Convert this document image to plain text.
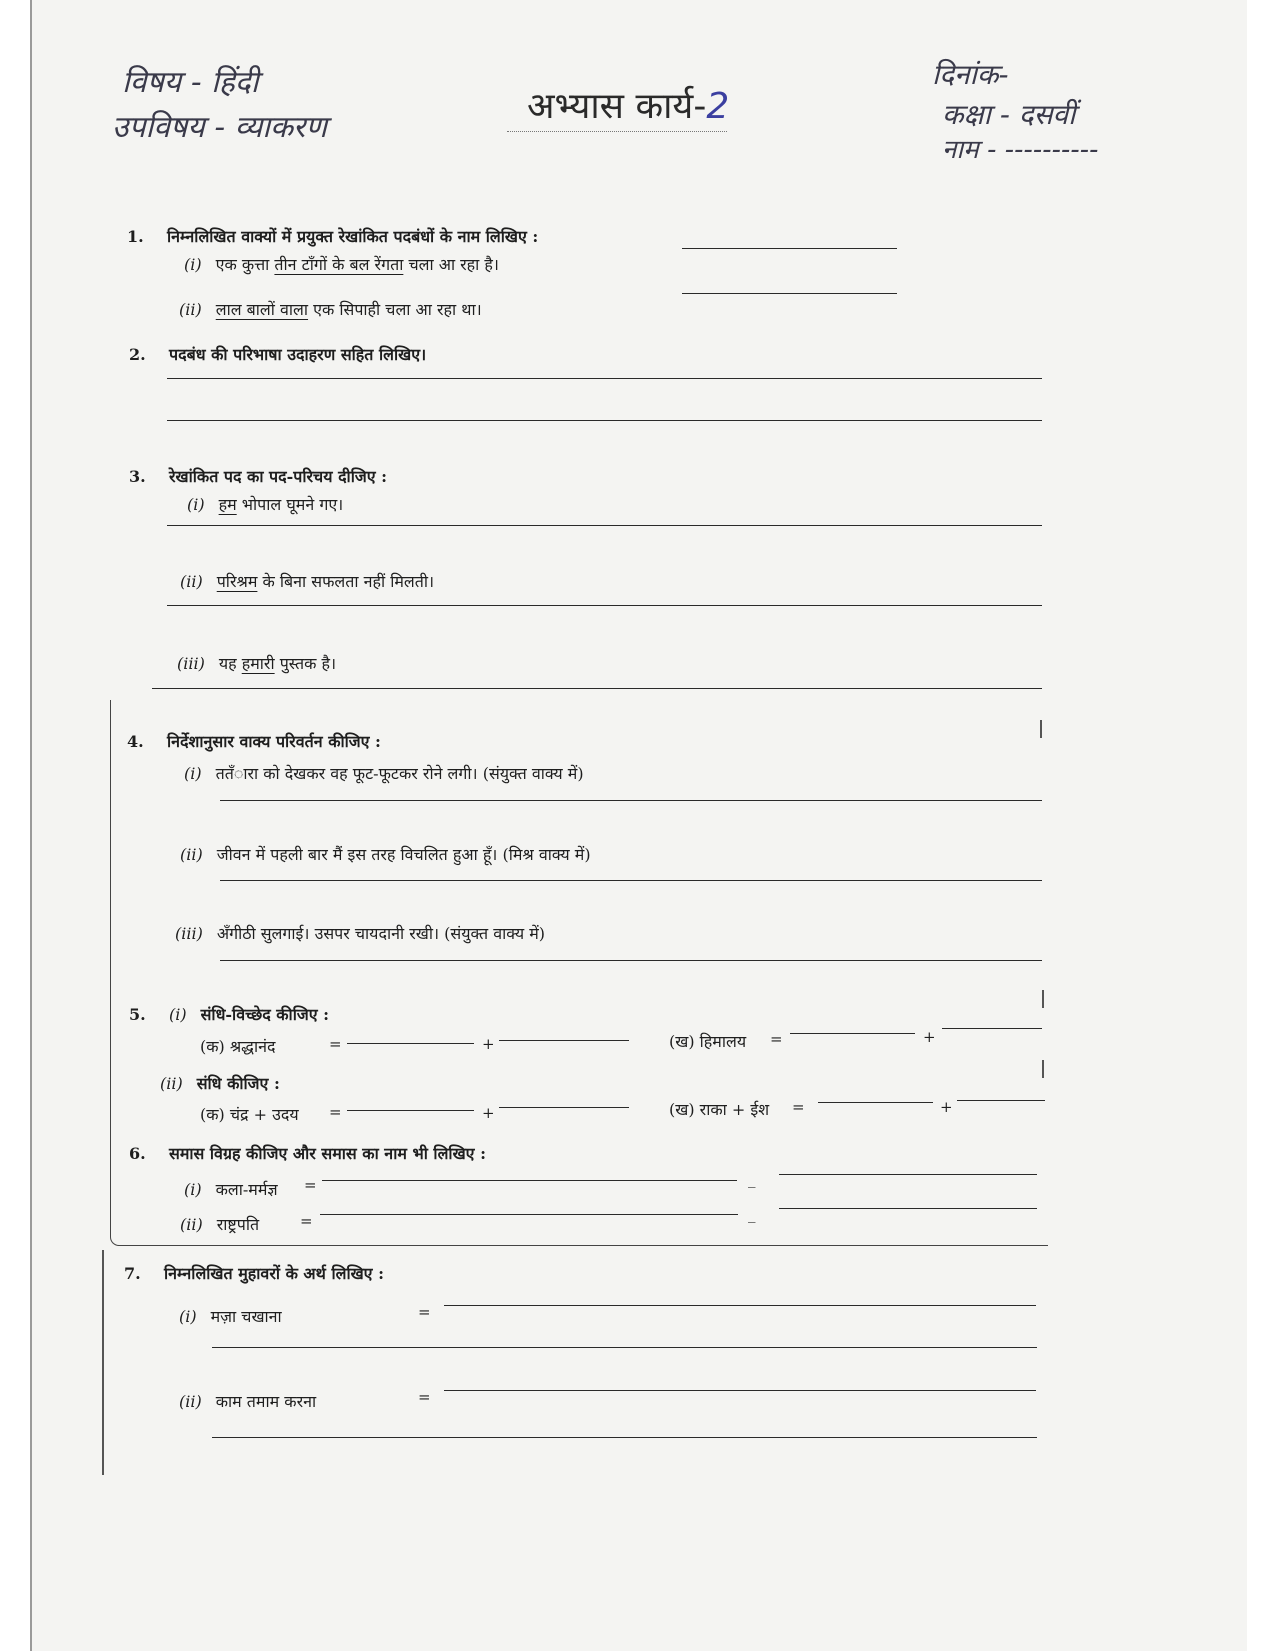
विषय - हिंदी
उपविषय - व्याकरण
अभ्यास कार्य-2
दिनांक-
कक्षा - दसवीं
नाम - ----------
1. निम्नलिखित वाक्यों में प्रयुक्त रेखांकित पदबंधों के नाम लिखिए :
(i) एक कुत्ता तीन टाँगों के बल रेंगता चला आ रहा है।
(ii) लाल बालों वाला एक सिपाही चला आ रहा था।
2. पदबंध की परिभाषा उदाहरण सहित लिखिए।
3. रेखांकित पद का पद-परिचय दीजिए :
(i) हम भोपाल घूमने गए।
(ii) परिश्रम के बिना सफलता नहीं मिलती।
(iii) यह हमारी पुस्तक है।
4. निर्देशानुसार वाक्य परिवर्तन कीजिए :
(i) ततँारा को देखकर वह फूट-फूटकर रोने लगी। (संयुक्त वाक्य में)
(ii) जीवन में पहली बार मैं इस तरह विचलित हुआ हूँ। (मिश्र वाक्य में)
(iii) अँगीठी सुलगाई। उसपर चायदानी रखी। (संयुक्त वाक्य में)
5. (i) संधि-विच्छेद कीजिए :
(क) श्रद्धानंद	=	+	(ख) हिमालय =	+
(ii) संधि कीजिए :
(क) चंद्र + उदय =	+	(ख) राका + ईश =	+
6. समास विग्रह कीजिए और समास का नाम भी लिखिए :
(i) कला-मर्मज्ञ =	_
(ii) राष्ट्रपति	=	_
7. निम्नलिखित मुहावरों के अर्थ लिखिए :
(i) मज़ा चखाना	=
(ii) काम तमाम करना	=
